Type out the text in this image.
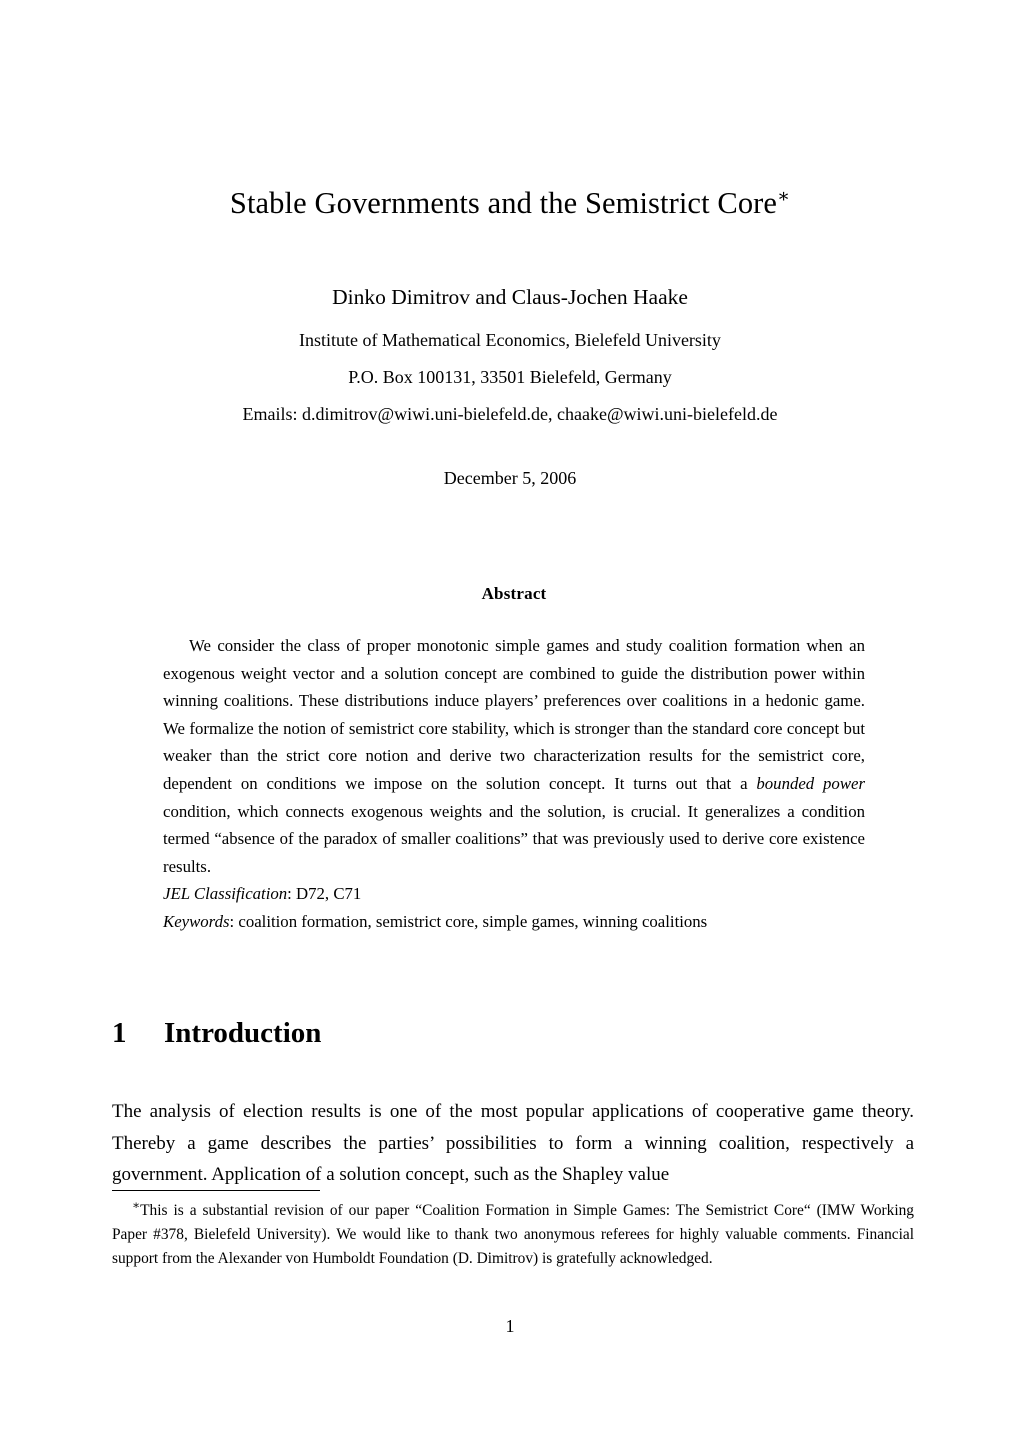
Stable Governments and the Semistrict Core∗

Dinko Dimitrov and Claus-Jochen Haake

Institute of Mathematical Economics, Bielefeld University

P.O. Box 100131, 33501 Bielefeld, Germany

Emails: d.dimitrov@wiwi.uni-bielefeld.de, chaake@wiwi.uni-bielefeld.de

December 5, 2006

Abstract

We consider the class of proper monotonic simple games and study coalition formation when an exogenous weight vector and a solution concept are combined to guide the distribution power within winning coalitions. These distributions induce players’ preferences over coalitions in a hedonic game. We formalize the notion of semistrict core stability, which is stronger than the standard core concept but weaker than the strict core notion and derive two characterization results for the semistrict core, dependent on conditions we impose on the solution concept. It turns out that a bounded power condition, which connects exogenous weights and the solution, is crucial. It generalizes a condition termed “absence of the paradox of smaller coalitions” that was previously used to derive core existence results.

JEL Classification: D72, C71

Keywords: coalition formation, semistrict core, simple games, winning coalitions

1 Introduction

The analysis of election results is one of the most popular applications of cooperative game theory. Thereby a game describes the parties’ possibilities to form a winning coalition, respectively a government. Application of a solution concept, such as the Shapley value

∗This is a substantial revision of our paper “Coalition Formation in Simple Games: The Semistrict Core“ (IMW Working Paper #378, Bielefeld University). We would like to thank two anonymous referees for highly valuable comments. Financial support from the Alexander von Humboldt Foundation (D. Dimitrov) is gratefully acknowledged.

1
